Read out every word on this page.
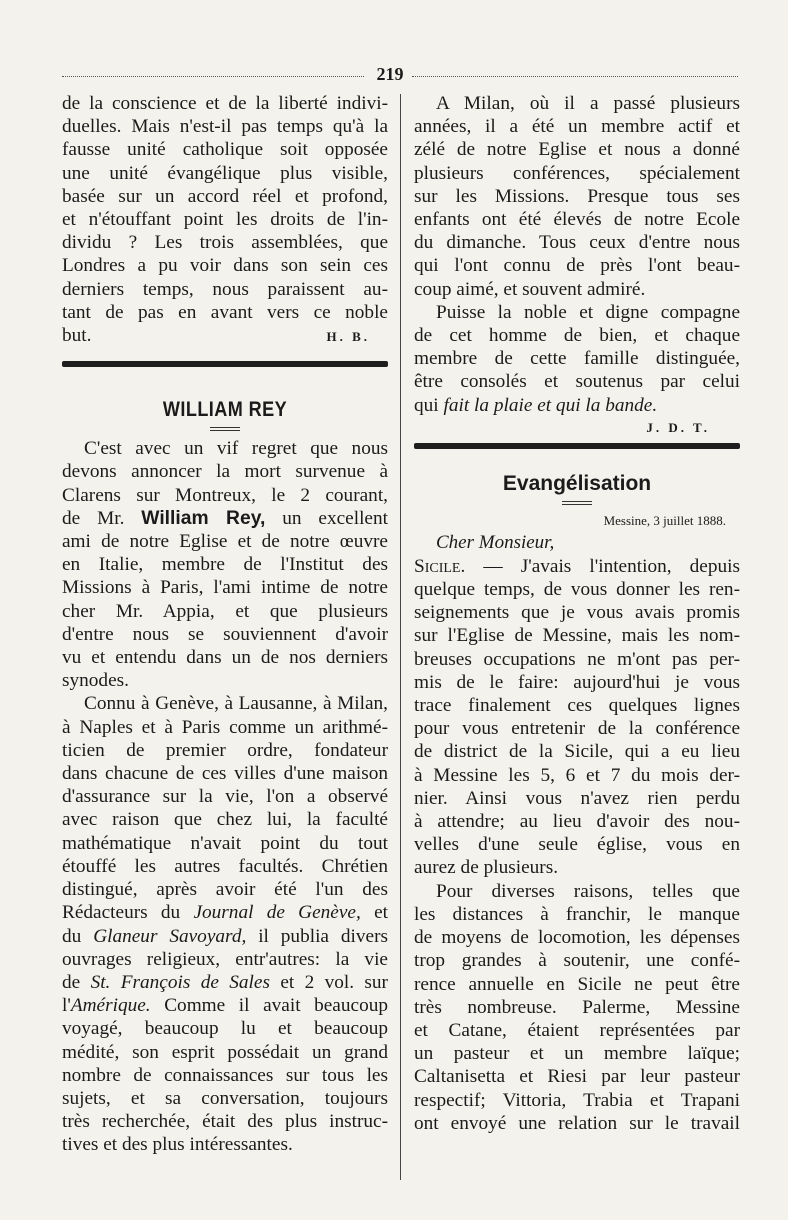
219

de la conscience et de la liberté indivi-

duelles. Mais n'est-il pas temps qu'à la

fausse unité catholique soit opposée

une unité évangélique plus visible,

basée sur un accord réel et profond,

et n'étouffant point les droits de l'in-

dividu ? Les trois assemblées, que

Londres a pu voir dans son sein ces

derniers temps, nous paraissent au-

tant de pas en avant vers ce noble

but.	H. B.
WILLIAM REY

C'est avec un vif regret que nous

devons annoncer la mort survenue à

Clarens sur Montreux, le 2 courant,

de Mr. William Rey, un excellent

ami de notre Eglise et de notre œuvre

en Italie, membre de l'Institut des

Missions à Paris, l'ami intime de notre

cher Mr. Appia, et que plusieurs

d'entre nous se souviennent d'avoir

vu et entendu dans un de nos derniers

synodes.

Connu à Genève, à Lausanne, à Milan,

à Naples et à Paris comme un arithmé-

ticien de premier ordre, fondateur

dans chacune de ces villes d'une maison

d'assurance sur la vie, l'on a observé

avec raison que chez lui, la faculté

mathématique n'avait point du tout

étouffé les autres facultés. Chrétien

distingué, après avoir été l'un des

Rédacteurs du Journal de Genève, et

du Glaneur Savoyard, il publia divers

ouvrages religieux, entr'autres: la vie

de St. François de Sales et 2 vol. sur

l'Amérique. Comme il avait beaucoup

voyagé, beaucoup lu et beaucoup

médité, son esprit possédait un grand

nombre de connaissances sur tous les

sujets, et sa conversation, toujours

très recherchée, était des plus instruc-

tives et des plus intéressantes.

A Milan, où il a passé plusieurs

années, il a été un membre actif et

zélé de notre Eglise et nous a donné

plusieurs conférences, spécialement

sur les Missions. Presque tous ses

enfants ont été élevés de notre Ecole

du dimanche. Tous ceux d'entre nous

qui l'ont connu de près l'ont beau-

coup aimé, et souvent admiré.

Puisse la noble et digne compagne

de cet homme de bien, et chaque

membre de cette famille distinguée,

être consolés et soutenus par celui

qui fait la plaie et qui la bande.

J. D. T.
Evangélisation
Messine, 3 juillet 1888.
Cher Monsieur,

Sicile. — J'avais l'intention, depuis

quelque temps, de vous donner les ren-

seignements que je vous avais promis

sur l'Eglise de Messine, mais les nom-

breuses occupations ne m'ont pas per-

mis de le faire: aujourd'hui je vous

trace finalement ces quelques lignes

pour vous entretenir de la conférence

de district de la Sicile, qui a eu lieu

à Messine les 5, 6 et 7 du mois der-

nier. Ainsi vous n'avez rien perdu

à attendre; au lieu d'avoir des nou-

velles d'une seule église, vous en

aurez de plusieurs.

Pour diverses raisons, telles que

les distances à franchir, le manque

de moyens de locomotion, les dépenses

trop grandes à soutenir, une confé-

rence annuelle en Sicile ne peut être

très nombreuse. Palerme, Messine

et Catane, étaient représentées par

un pasteur et un membre laïque;

Caltanisetta et Riesi par leur pasteur

respectif; Vittoria, Trabia et Trapani

ont envoyé une relation sur le travail
